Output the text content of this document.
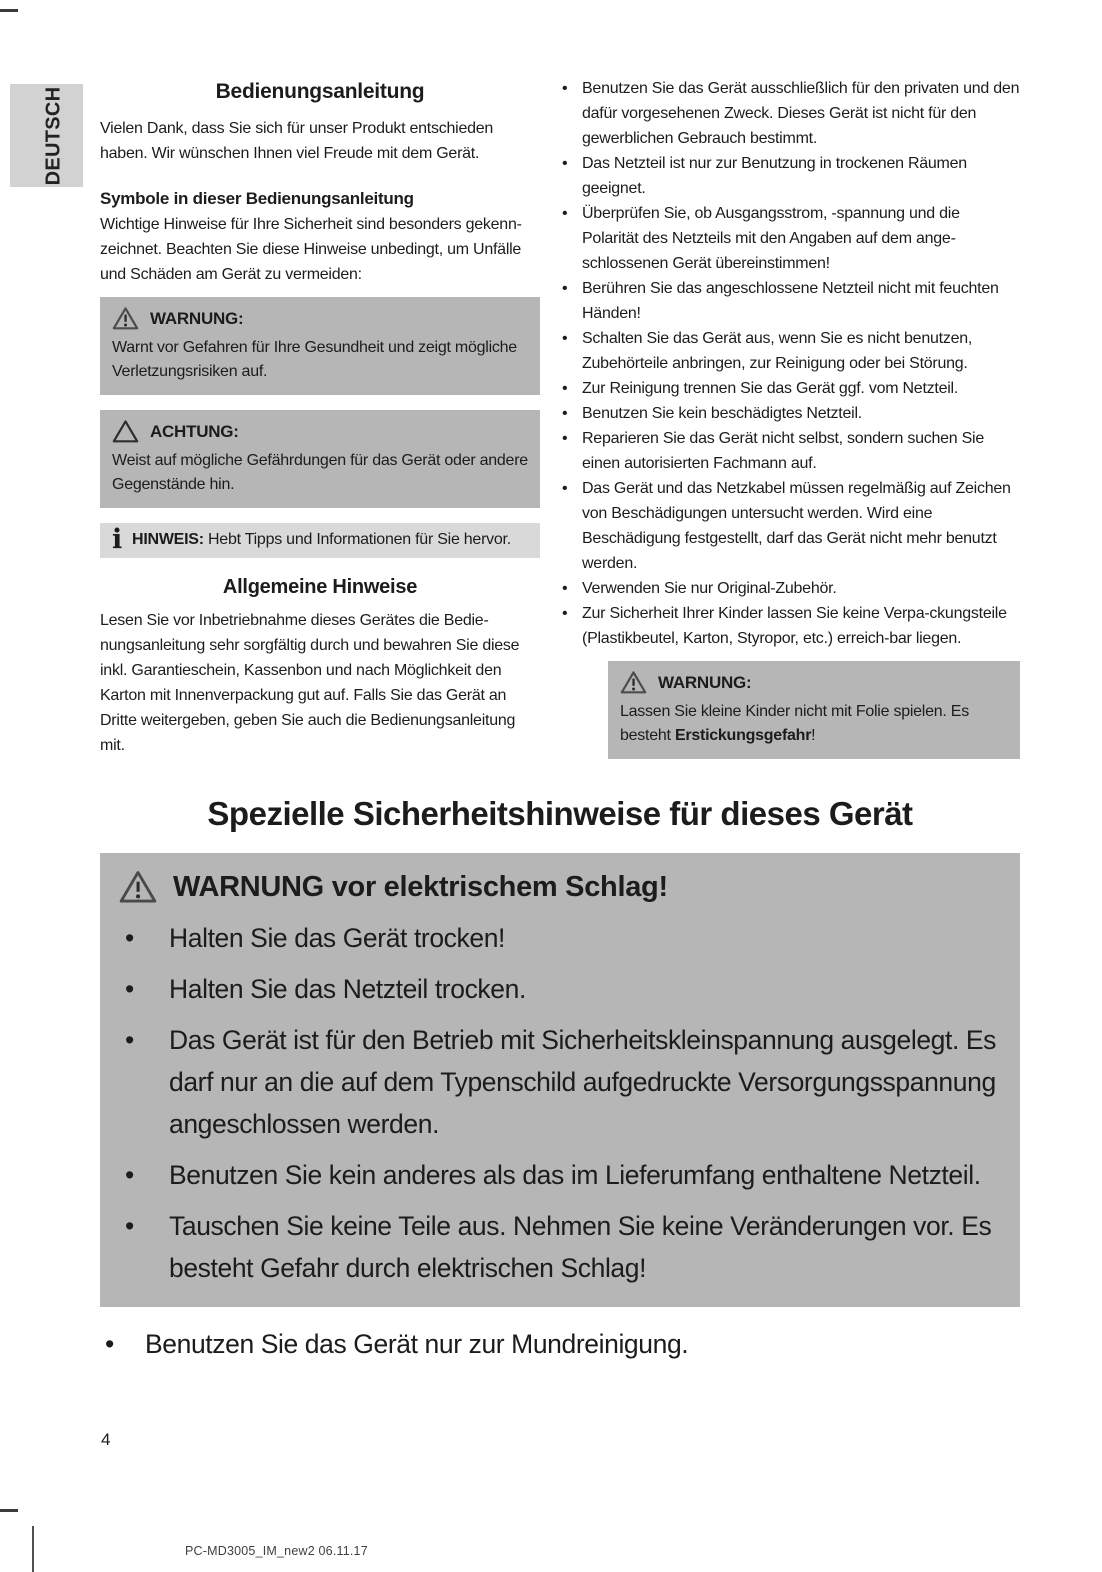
DEUTSCH	Bedienungsanleitung

Vielen Dank, dass Sie sich für unser Produkt entschieden haben. Wir wünschen Ihnen viel Freude mit dem Gerät.

Symbole in dieser Bedienungsanleitung

Wichtige Hinweise für Ihre Sicherheit sind besonders gekenn-zeichnet. Beachten Sie diese Hinweise unbedingt, um Unfälle und Schäden am Gerät zu vermeiden:

WARNUNG:

Warnt vor Gefahren für Ihre Gesundheit und zeigt mögliche Verletzungsrisiken auf.

ACHTUNG:

Weist auf mögliche Gefährdungen für das Gerät oder andere Gegenstände hin.

i HINWEIS: Hebt Tipps und Informationen für Sie hervor.

Allgemeine Hinweise

Lesen Sie vor Inbetriebnahme dieses Gerätes die Bedie-nungsanleitung sehr sorgfältig durch und bewahren Sie diese inkl. Garantieschein, Kassenbon und nach Möglichkeit den Karton mit Innenverpackung gut auf. Falls Sie das Gerät an Dritte weitergeben, geben Sie auch die Bedienungsanleitung mit.

• Benutzen Sie das Gerät ausschließlich für den privaten und den dafür vorgesehenen Zweck. Dieses Gerät ist nicht für den gewerblichen Gebrauch bestimmt.
• Das Netzteil ist nur zur Benutzung in trockenen Räumen geeignet.
• Überprüfen Sie, ob Ausgangsstrom, -spannung und die Polarität des Netzteils mit den Angaben auf dem ange-schlossenen Gerät übereinstimmen!
• Berühren Sie das angeschlossene Netzteil nicht mit feuchten Händen!
• Schalten Sie das Gerät aus, wenn Sie es nicht benutzen, Zubehörteile anbringen, zur Reinigung oder bei Störung.
• Zur Reinigung trennen Sie das Gerät ggf. vom Netzteil.
• Benutzen Sie kein beschädigtes Netzteil.
• Reparieren Sie das Gerät nicht selbst, sondern suchen Sie einen autorisierten Fachmann auf.
• Das Gerät und das Netzkabel müssen regelmäßig auf Zeichen von Beschädigungen untersucht werden. Wird eine Beschädigung festgestellt, darf das Gerät nicht mehr benutzt werden.
• Verwenden Sie nur Original-Zubehör.
• Zur Sicherheit Ihrer Kinder lassen Sie keine Verpa-ckungsteile (Plastikbeutel, Karton, Styropor, etc.) erreich-bar liegen.
WARNUNG:

Lassen Sie kleine Kinder nicht mit Folie spielen. Es besteht Erstickungsgefahr!

Spezielle Sicherheitshinweise für dieses Gerät
WARNUNG vor elektrischem Schlag!
•	Halten Sie das Gerät trocken!
•	Halten Sie das Netzteil trocken.
•	Das Gerät ist für den Betrieb mit Sicherheitskleinspannung ausgelegt. Es darf nur an die auf dem Typenschild aufgedruckte Versorgungsspannung angeschlossen werden.
•	Benutzen Sie kein anderes als das im Lieferumfang enthaltene Netzteil.
•	Tauschen Sie keine Teile aus. Nehmen Sie keine Veränderungen vor. Es besteht Gefahr durch elektrischen Schlag!
•	Benutzen Sie das Gerät nur zur Mundreinigung.
4
PC-MD3005_IM_new2 06.11.17
